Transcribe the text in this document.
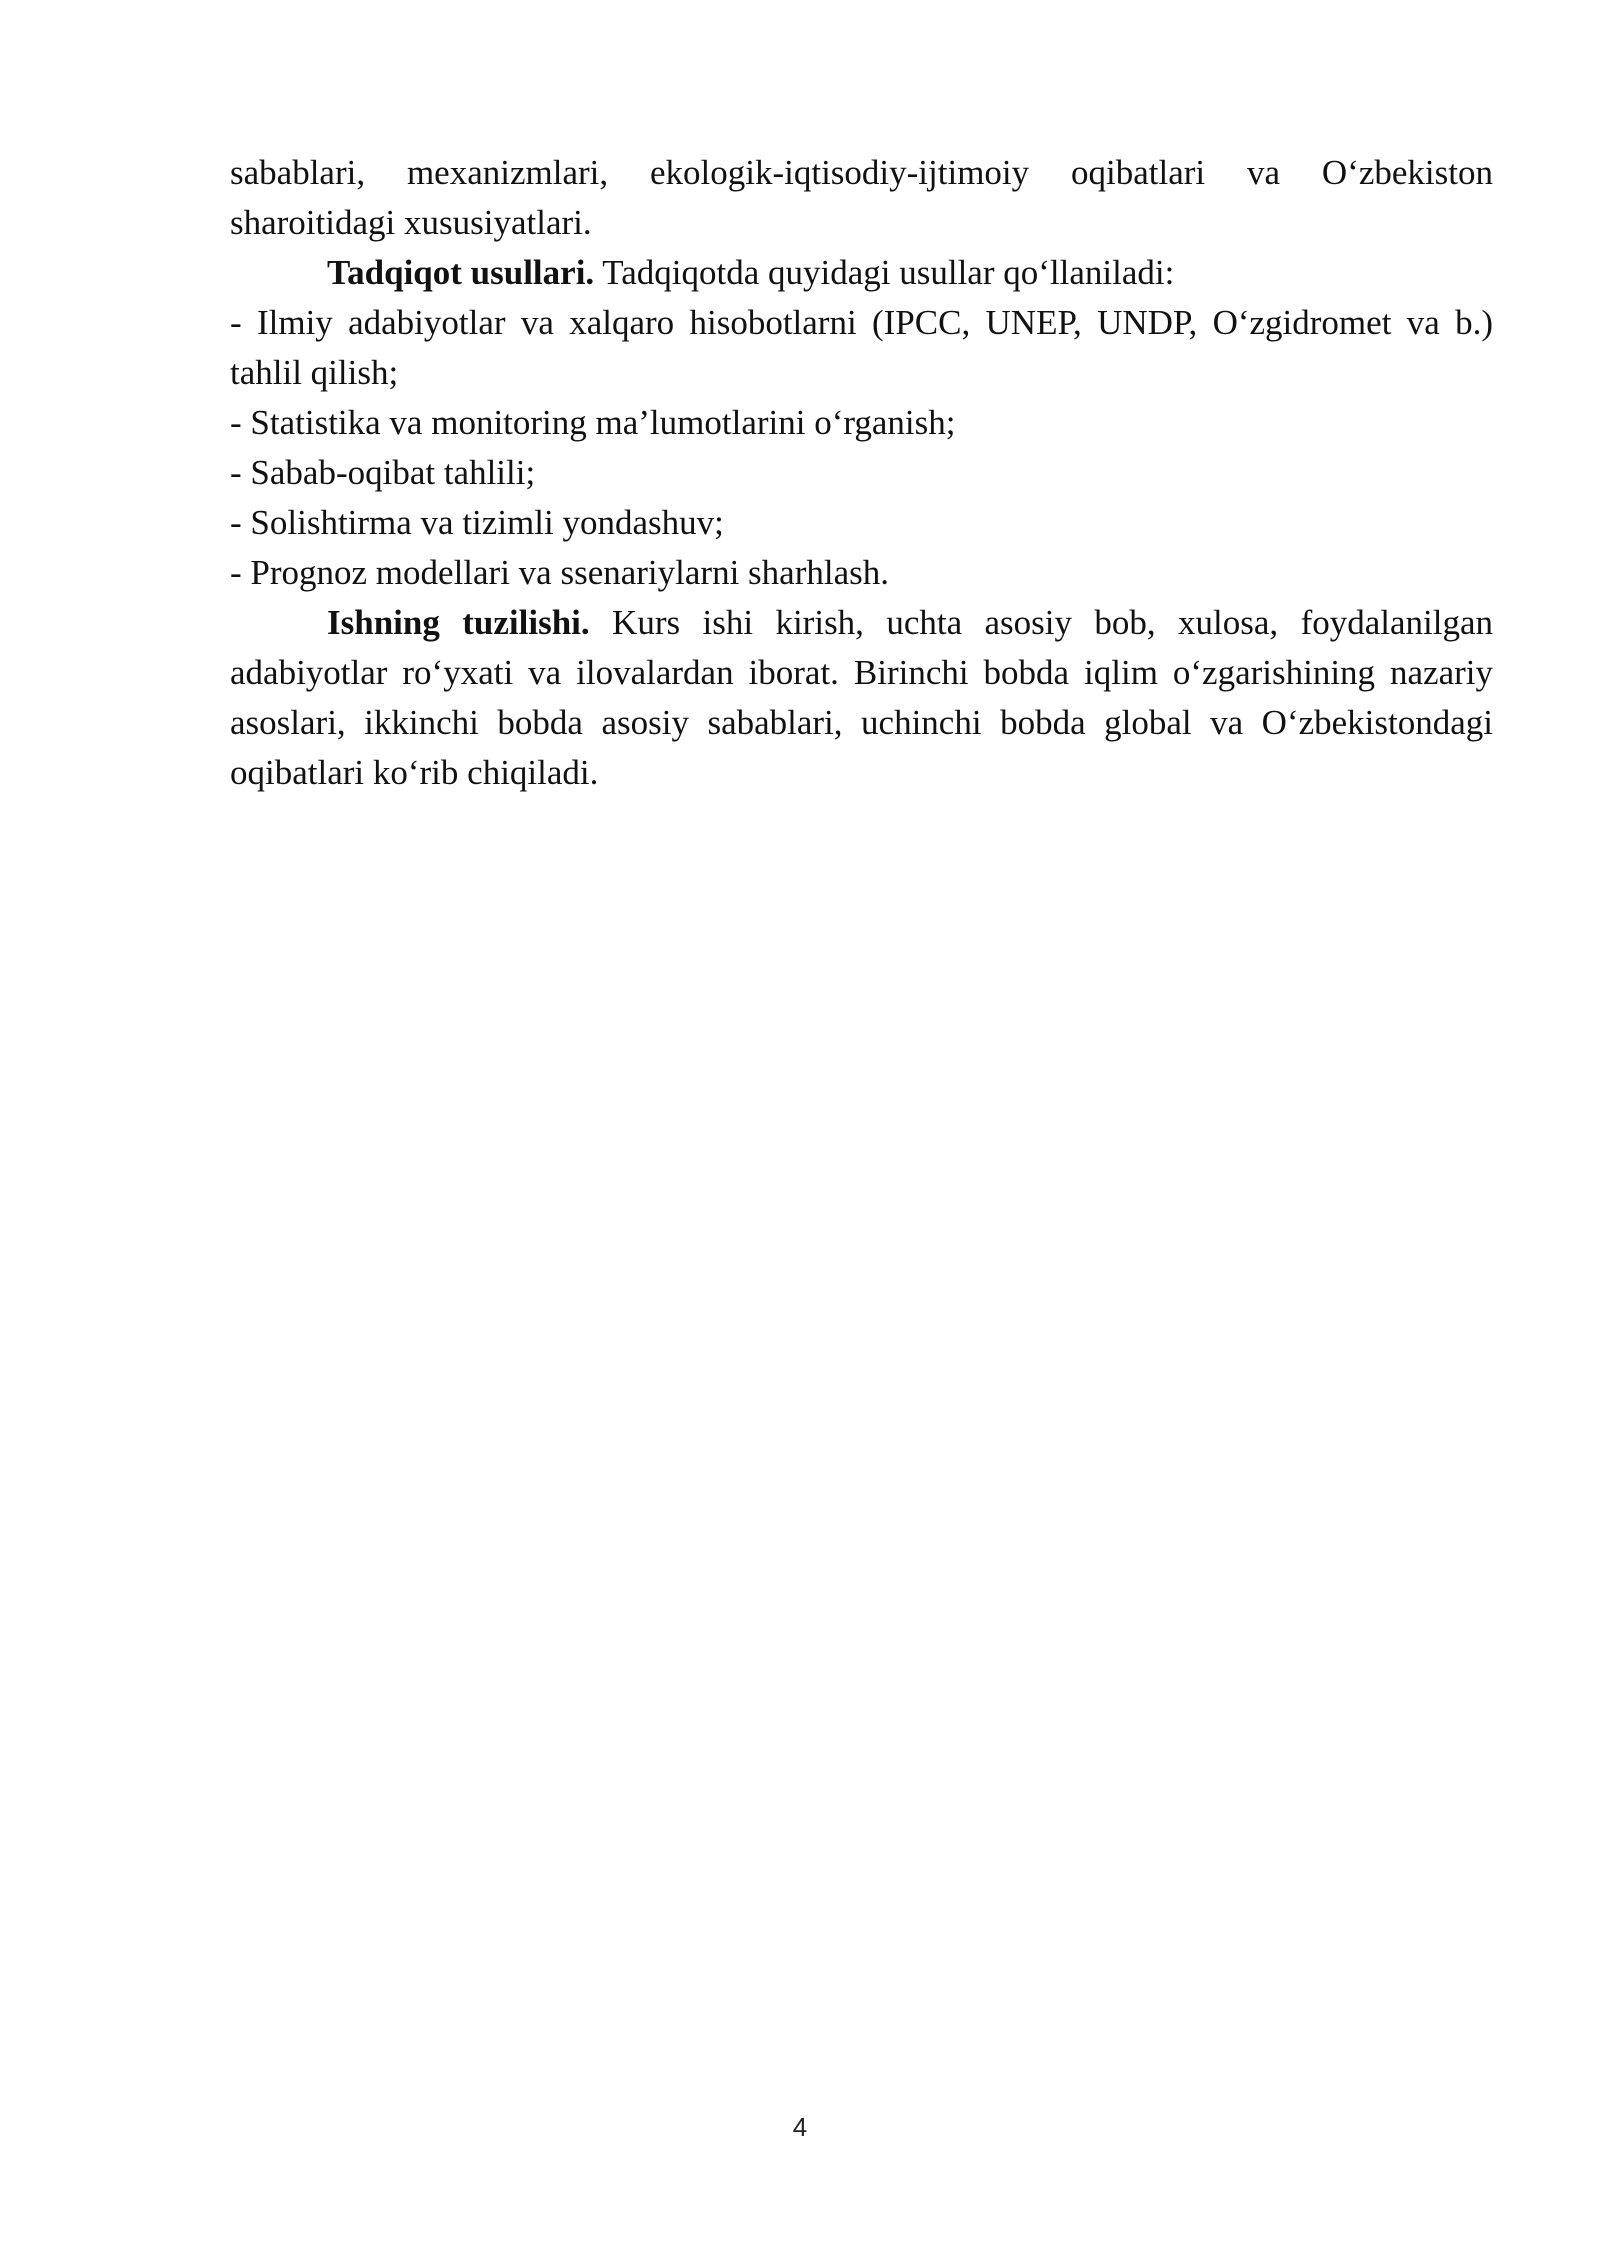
sabablari, mexanizmlari, ekologik-iqtisodiy-ijtimoiy oqibatlari va O‘zbekiston sharoitidagi xususiyatlari.

Tadqiqot usullari. Tadqiqotda quyidagi usullar qo‘llaniladi:

- Ilmiy adabiyotlar va xalqaro hisobotlarni (IPCC, UNEP, UNDP, O‘zgidromet va b.) tahlil qilish;

- Statistika va monitoring ma’lumotlarini o‘rganish;

- Sabab-oqibat tahlili;

- Solishtirma va tizimli yondashuv;

- Prognoz modellari va ssenariylarni sharhlash.

Ishning tuzilishi. Kurs ishi kirish, uchta asosiy bob, xulosa, foydalanilgan adabiyotlar ro‘yxati va ilovalardan iborat. Birinchi bobda iqlim o‘zgarishining nazariy asoslari, ikkinchi bobda asosiy sabablari, uchinchi bobda global va O‘zbekistondagi oqibatlari ko‘rib chiqiladi.

4
